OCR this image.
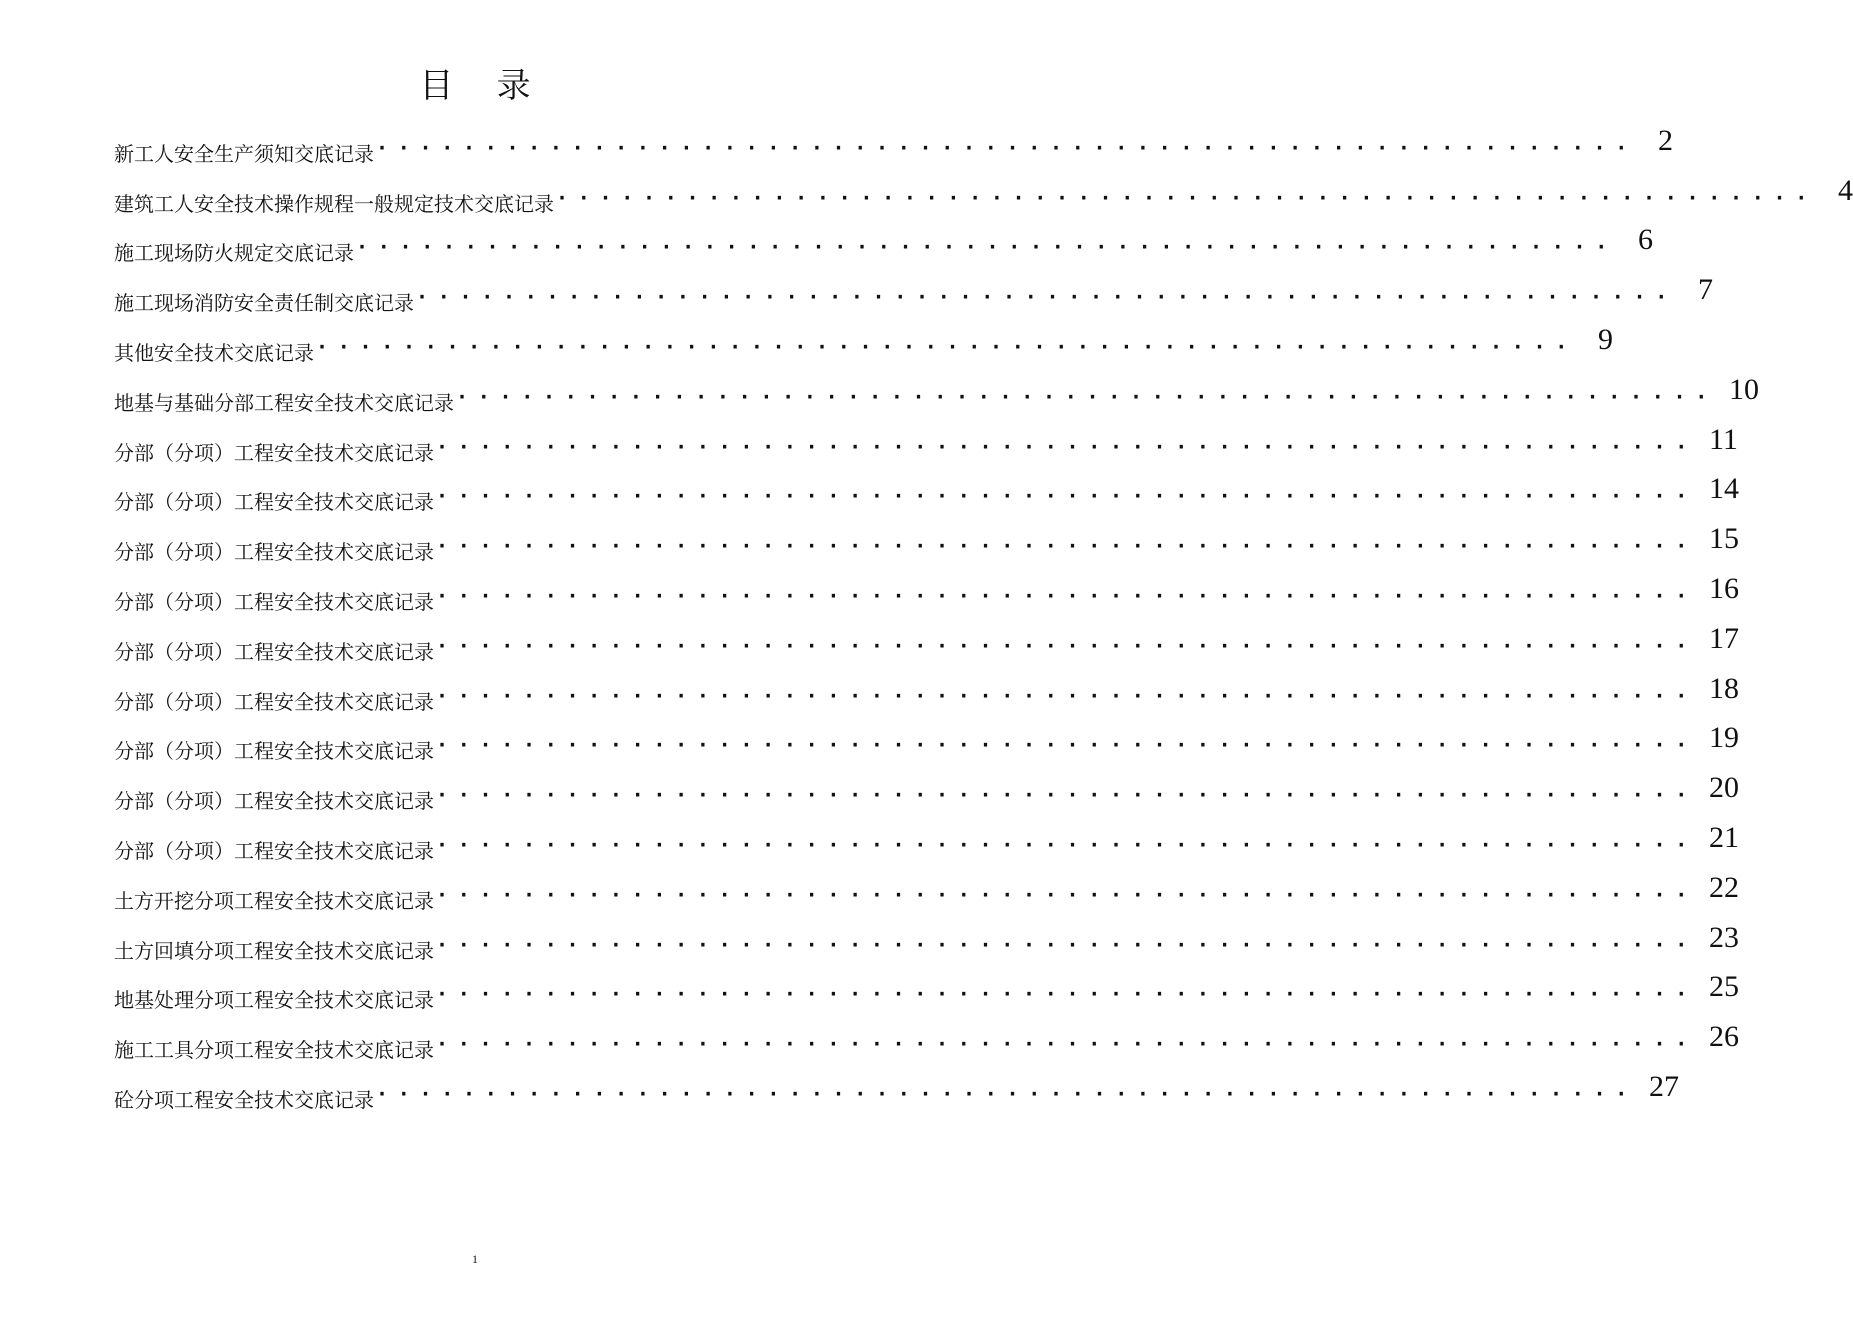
目    录
新工人安全生产须知交底记录 ·························································· 2
建筑工人安全技术操作规程一般规定技术交底记录 ·························································· 4
施工现场防火规定交底记录 ·························································· 6
施工现场消防安全责任制交底记录 ·························································· 7
其他安全技术交底记录 ·························································· 9
地基与基础分部工程安全技术交底记录 ·························································· 10
分部（分项）工程安全技术交底记录 ·························································· 11
分部（分项）工程安全技术交底记录 ·························································· 14
分部（分项）工程安全技术交底记录 ·························································· 15
分部（分项）工程安全技术交底记录 ·························································· 16
分部（分项）工程安全技术交底记录 ·························································· 17
分部（分项）工程安全技术交底记录 ·························································· 18
分部（分项）工程安全技术交底记录 ·························································· 19
分部（分项）工程安全技术交底记录 ·························································· 20
分部（分项）工程安全技术交底记录 ·························································· 21
土方开挖分项工程安全技术交底记录 ·························································· 22
土方回填分项工程安全技术交底记录 ·························································· 23
地基处理分项工程安全技术交底记录 ·························································· 25
施工工具分项工程安全技术交底记录 ·························································· 26
砼分项工程安全技术交底记录 ·························································· 27
1
